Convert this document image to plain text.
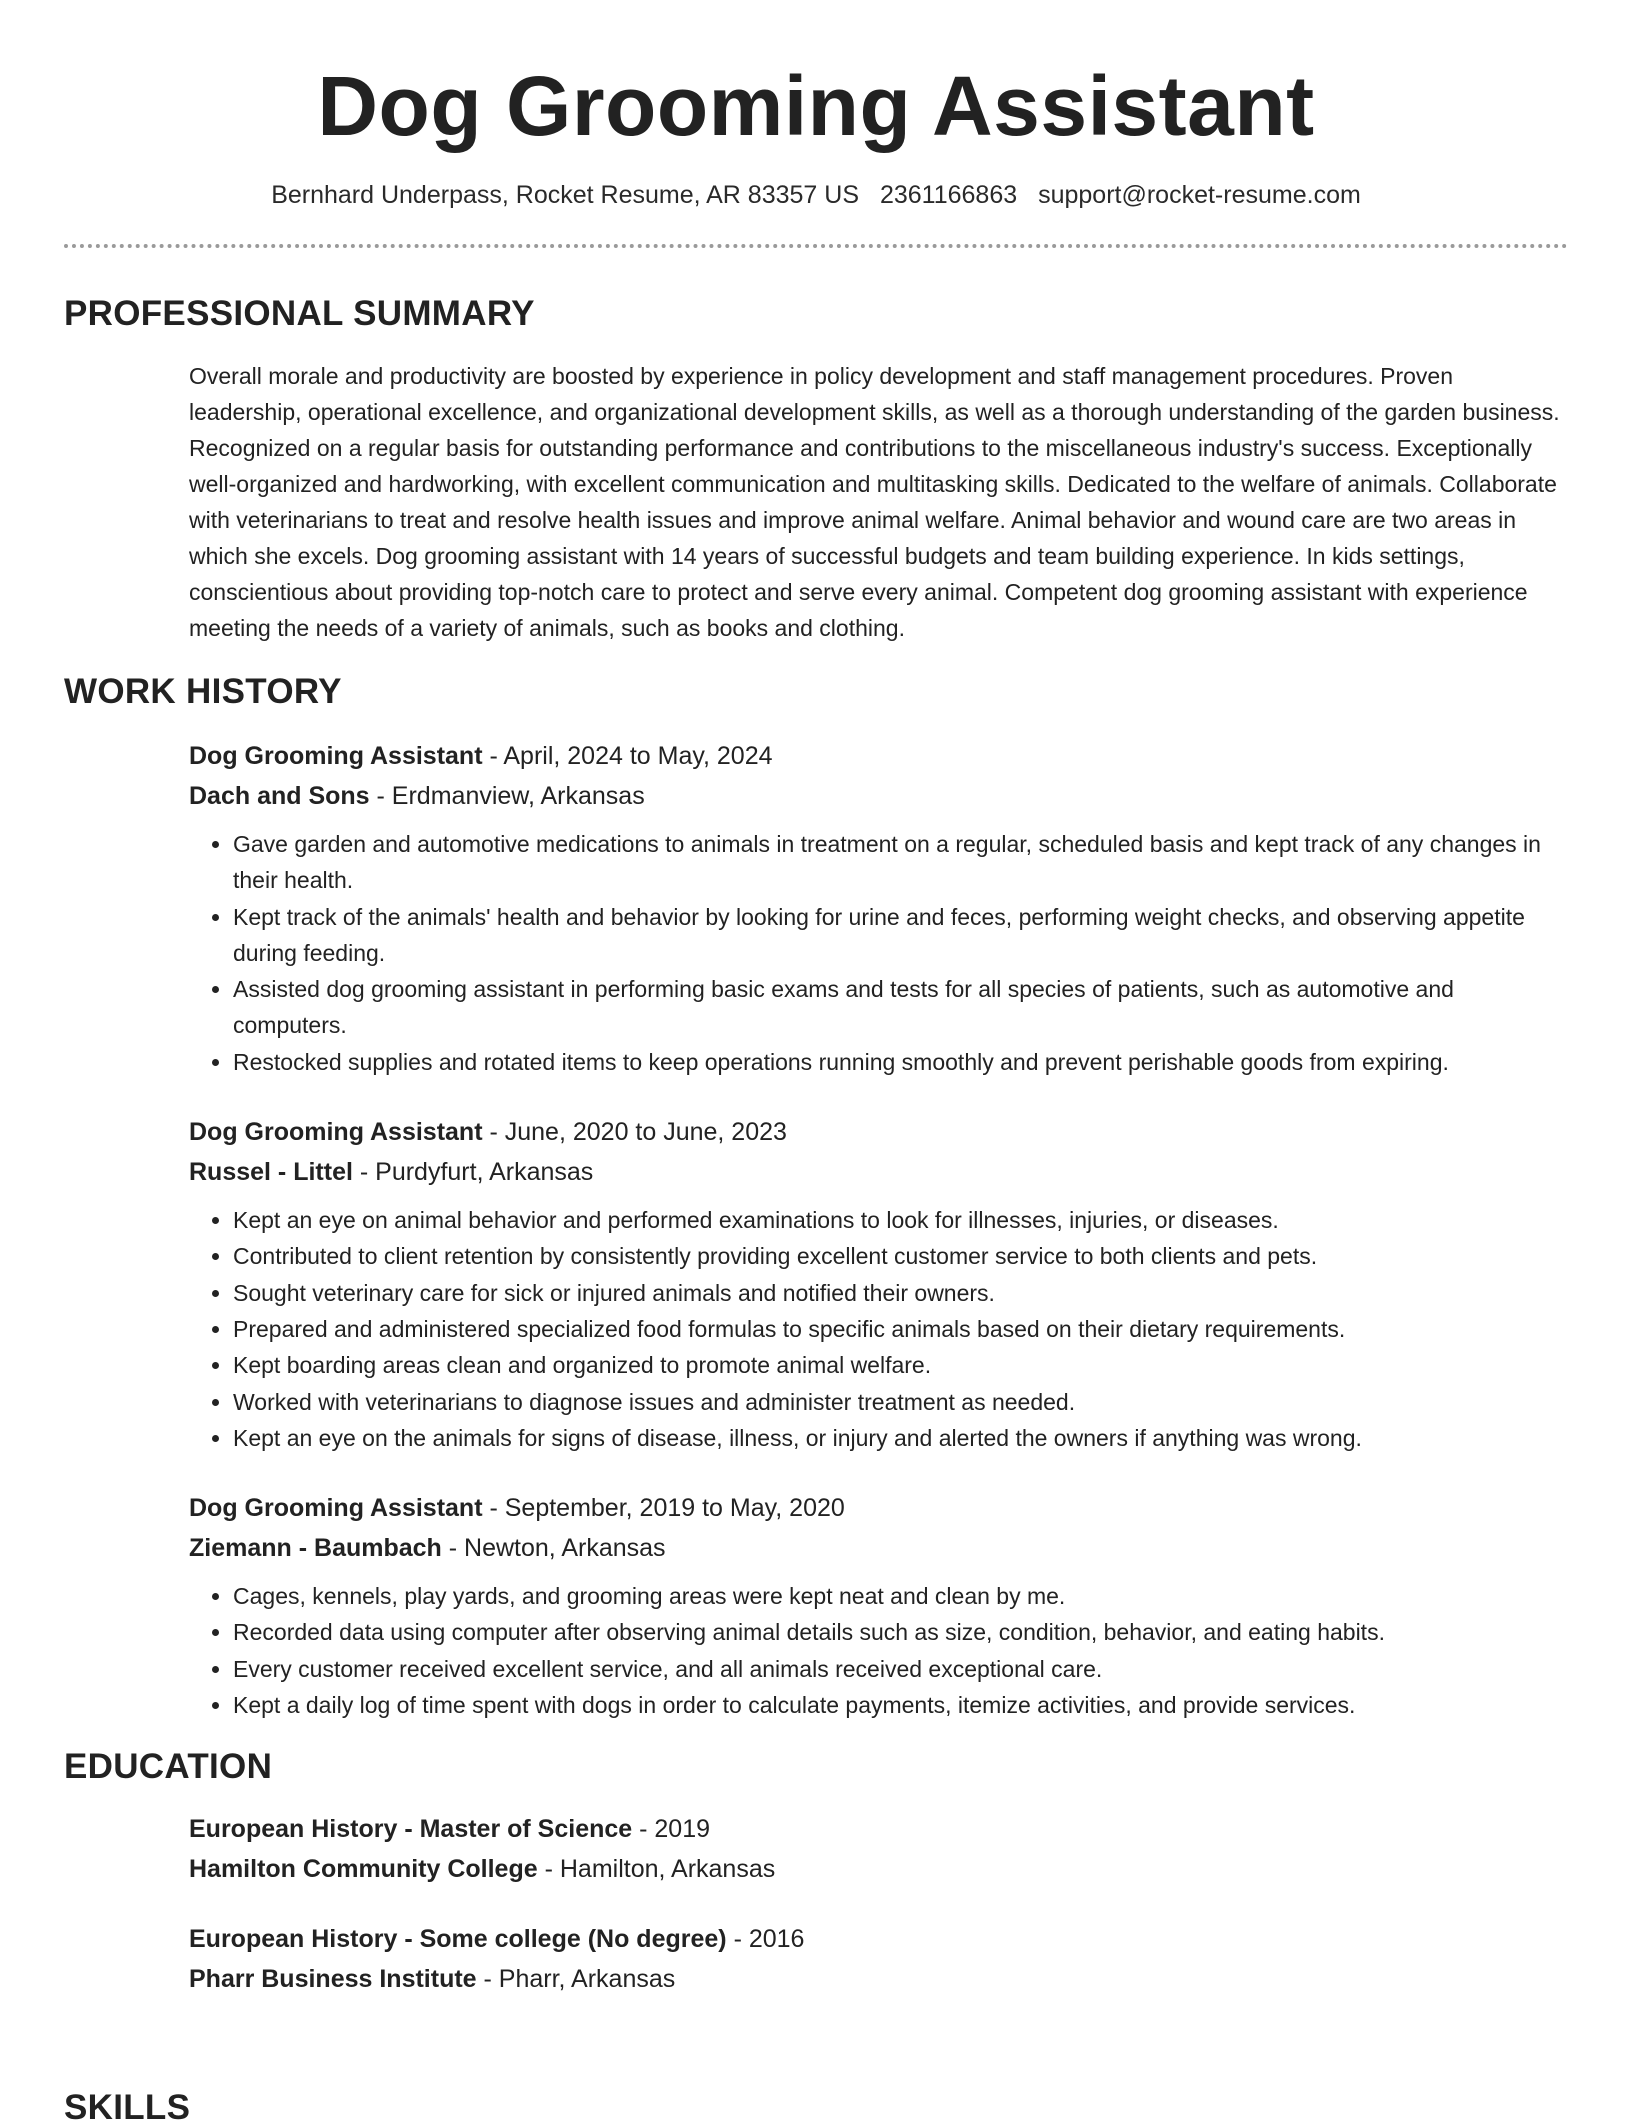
Dog Grooming Assistant
Bernhard Underpass, Rocket Resume, AR 83357 US 2361166863 support@rocket-resume.com
PROFESSIONAL SUMMARY
Overall morale and productivity are boosted by experience in policy development and staff management procedures. Proven leadership, operational excellence, and organizational development skills, as well as a thorough understanding of the garden business. Recognized on a regular basis for outstanding performance and contributions to the miscellaneous industry's success. Exceptionally well-organized and hardworking, with excellent communication and multitasking skills. Dedicated to the welfare of animals. Collaborate with veterinarians to treat and resolve health issues and improve animal welfare. Animal behavior and wound care are two areas in which she excels. Dog grooming assistant with 14 years of successful budgets and team building experience. In kids settings, conscientious about providing top-notch care to protect and serve every animal. Competent dog grooming assistant with experience meeting the needs of a variety of animals, such as books and clothing.
WORK HISTORY
Dog Grooming Assistant - April, 2024 to May, 2024
Dach and Sons - Erdmanview, Arkansas
• Gave garden and automotive medications to animals in treatment on a regular, scheduled basis and kept track of any changes in their health.
• Kept track of the animals' health and behavior by looking for urine and feces, performing weight checks, and observing appetite during feeding.
• Assisted dog grooming assistant in performing basic exams and tests for all species of patients, such as automotive and computers.
• Restocked supplies and rotated items to keep operations running smoothly and prevent perishable goods from expiring.
Dog Grooming Assistant - June, 2020 to June, 2023
Russel - Littel - Purdyfurt, Arkansas
• Kept an eye on animal behavior and performed examinations to look for illnesses, injuries, or diseases.
• Contributed to client retention by consistently providing excellent customer service to both clients and pets.
• Sought veterinary care for sick or injured animals and notified their owners.
• Prepared and administered specialized food formulas to specific animals based on their dietary requirements.
• Kept boarding areas clean and organized to promote animal welfare.
• Worked with veterinarians to diagnose issues and administer treatment as needed.
• Kept an eye on the animals for signs of disease, illness, or injury and alerted the owners if anything was wrong.
Dog Grooming Assistant - September, 2019 to May, 2020
Ziemann - Baumbach - Newton, Arkansas
• Cages, kennels, play yards, and grooming areas were kept neat and clean by me.
• Recorded data using computer after observing animal details such as size, condition, behavior, and eating habits.
• Every customer received excellent service, and all animals received exceptional care.
• Kept a daily log of time spent with dogs in order to calculate payments, itemize activities, and provide services.
EDUCATION
European History - Master of Science - 2019
Hamilton Community College - Hamilton, Arkansas
European History - Some college (No degree) - 2016
Pharr Business Institute - Pharr, Arkansas
SKILLS
